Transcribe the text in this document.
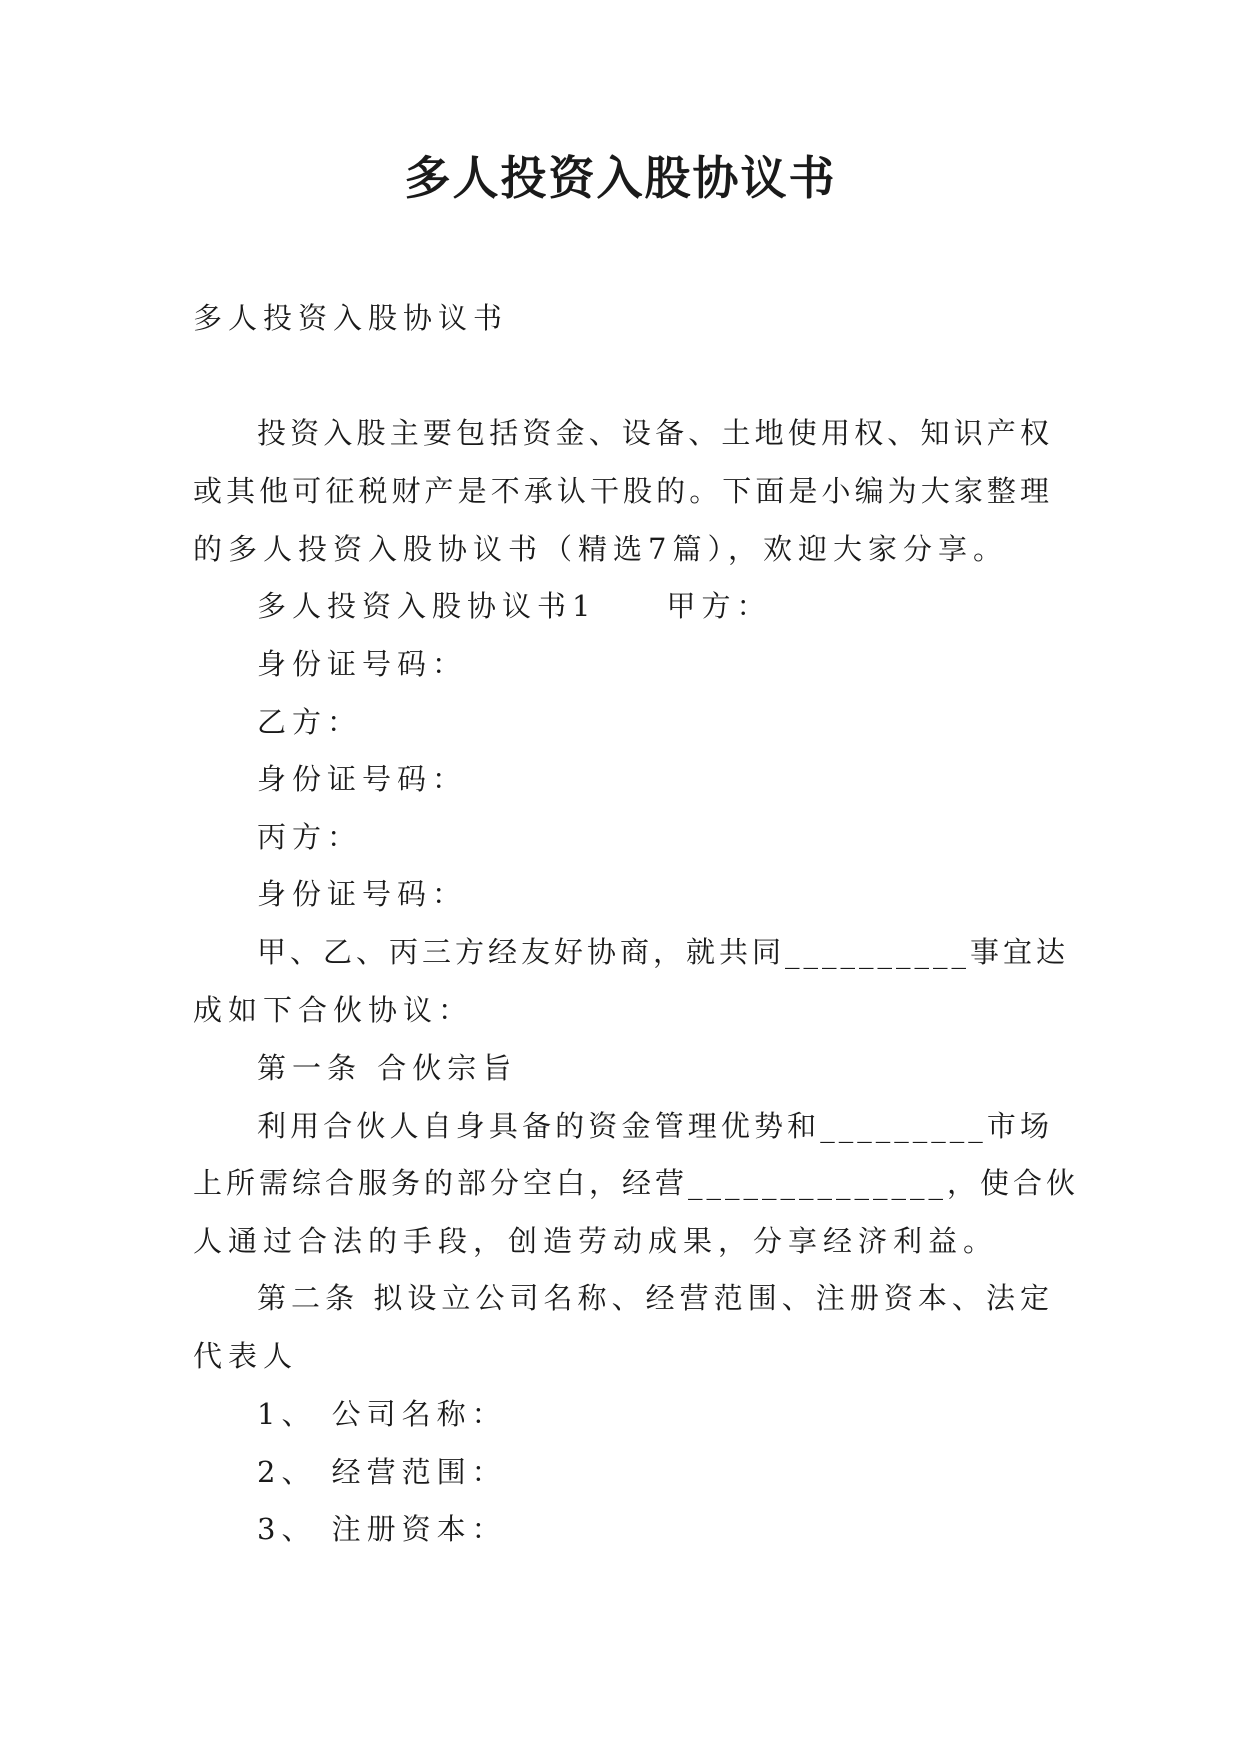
多人投资入股协议书
多人投资入股协议书
投资入股主要包括资金、设备、土地使用权、知识产权
或其他可征税财产是不承认干股的。下面是小编为大家整理
的多人投资入股协议书（精选7篇），欢迎大家分享。
多人投资入股协议书1　　甲方：
身份证号码：
乙方：
身份证号码：
丙方：
身份证号码：
甲、乙、丙三方经友好协商，就共同__________事宜达
成如下合伙协议：
第一条 合伙宗旨
利用合伙人自身具备的资金管理优势和_________市场
上所需综合服务的部分空白，经营______________，使合伙
人通过合法的手段，创造劳动成果，分享经济利益。
第二条 拟设立公司名称、经营范围、注册资本、法定
代表人
1、 公司名称：
2、 经营范围：
3、 注册资本：
